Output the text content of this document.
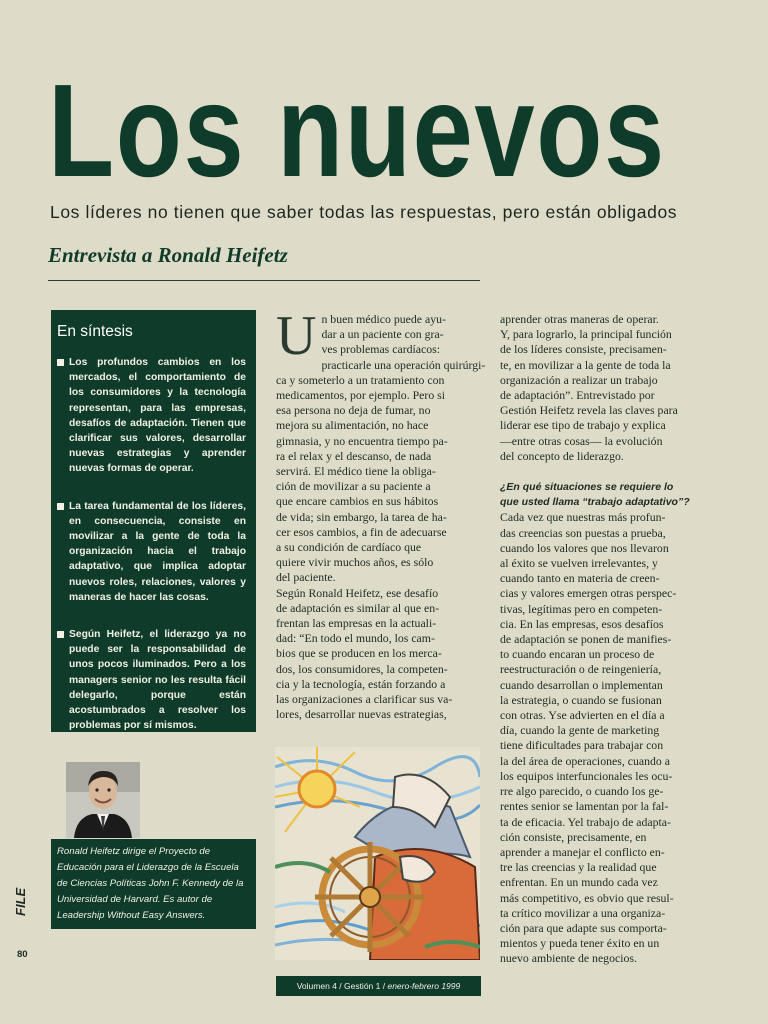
Los nuevos

Los líderes no tienen que saber todas las respuestas, pero están obligados

Entrevista a Ronald Heifetz

En síntesis
Los profundos cambios en los mercados, el comportamiento de los consumidores y la tecnología representan, para las empresas, desafíos de adaptación. Tienen que clarificar sus valores, desarrollar nuevas estrategias y aprender nuevas formas de operar.
La tarea fundamental de los líderes, en consecuencia, consiste en movilizar a la gente de toda la organización hacia el trabajo adaptativo, que implica adoptar nuevos roles, relaciones, valores y maneras de hacer las cosas.
Según Heifetz, el liderazgo ya no puede ser la responsabilidad de unos pocos iluminados. Pero a los managers senior no les resulta fácil delegarlo, porque están acostumbrados a resolver los problemas por sí mismos.
Ronald Heifetz dirige el Proyecto de Educación para el Liderazgo de la Escuela de Ciencias Políticas John F. Kennedy de la Universidad de Harvard. Es autor de Leadership Without Easy Answers.
FILE
80
U n buen médico puede ayu-
dar a un paciente con gra-
ves problemas cardíacos:
practicarle una operación quirúrgi-
ca y someterlo a un tratamiento con
medicamentos, por ejemplo. Pero si
esa persona no deja de fumar, no
mejora su alimentación, no hace
gimnasia, y no encuentra tiempo pa-
ra el relax y el descanso, de nada
servirá. El médico tiene la obliga-
ción de movilizar a su paciente a
que encare cambios en sus hábitos
de vida; sin embargo, la tarea de ha-
cer esos cambios, a fin de adecuarse
a su condición de cardíaco que
quiere vivir muchos años, es sólo
del paciente.
Según Ronald Heifetz, ese desafío
de adaptación es similar al que en-
frentan las empresas en la actuali-
dad: “En todo el mundo, los cam-
bios que se producen en los merca-
dos, los consumidores, la competen-
cia y la tecnología, están forzando a
las organizaciones a clarificar sus va-
lores, desarrollar nuevas estrategias,
aprender otras maneras de operar.
Y, para lograrlo, la principal función
de los líderes consiste, precisamen-
te, en movilizar a la gente de toda la
organización a realizar un trabajo
de adaptación”. Entrevistado por
Gestión Heifetz revela las claves para
liderar ese tipo de trabajo y explica
—entre otras cosas— la evolución
del concepto de liderazgo.
¿En qué situaciones se requiere lo
que usted llama “trabajo adaptativo”?
Cada vez que nuestras más profun-
das creencias son puestas a prueba,
cuando los valores que nos llevaron
al éxito se vuelven irrelevantes, y
cuando tanto en materia de creen-
cias y valores emergen otras perspec-
tivas, legítimas pero en competen-
cia. En las empresas, esos desafíos
de adaptación se ponen de manifies-
to cuando encaran un proceso de
reestructuración o de reingeniería,
cuando desarrollan o implementan
la estrategia, o cuando se fusionan
con otras. Yse advierten en el día a
día, cuando la gente de marketing
tiene dificultades para trabajar con
la del área de operaciones, cuando a
los equipos interfuncionales les ocu-
rre algo parecido, o cuando los ge-
rentes senior se lamentan por la fal-
ta de eficacia. Yel trabajo de adapta-
ción consiste, precisamente, en
aprender a manejar el conflicto en-
tre las creencias y la realidad que
enfrentan. En un mundo cada vez
más competitivo, es obvio que resul-
ta crítico movilizar a una organiza-
ción para que adapte sus comporta-
mientos y pueda tener éxito en un
nuevo ambiente de negocios.
Volumen 4 / Gestión 1 /
enero-febrero 1999
